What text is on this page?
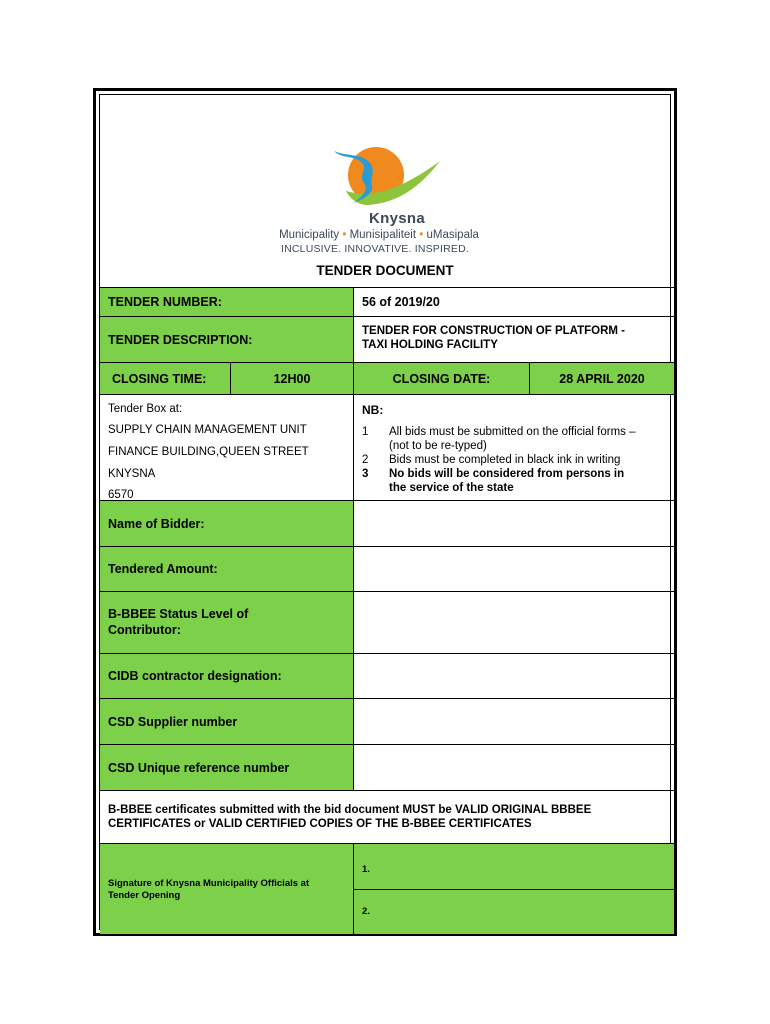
Knysna
Municipality • Munisipaliteit • uMasipala
INCLUSIVE. INNOVATIVE. INSPIRED.
TENDER DOCUMENT
TENDER NUMBER:	56 of 2019/20
TENDER DESCRIPTION:
TENDER FOR CONSTRUCTION OF PLATFORM -
TAXI HOLDING FACILITY
CLOSING TIME:	12H00	CLOSING DATE:	28 APRIL 2020
Tender Box at:
SUPPLY CHAIN MANAGEMENT UNIT
FINANCE BUILDING,QUEEN STREET
KNYSNA
6570
NB:
1	All bids must be submitted on the official forms –
(not to be re-typed)
2	Bids must be completed in black ink in writing
3	No bids will be considered from persons in
the service of the state
Name of Bidder:
Tendered Amount:
B-BBEE Status Level of
Contributor:
CIDB contractor designation:
CSD Supplier number
CSD Unique reference number
B-BBEE certificates submitted with the bid document MUST be VALID ORIGINAL BBBEE
CERTIFICATES or VALID CERTIFIED COPIES OF THE B-BBEE CERTIFICATES
Signature of Knysna Municipality Officials at
Tender Opening
1.
2.
